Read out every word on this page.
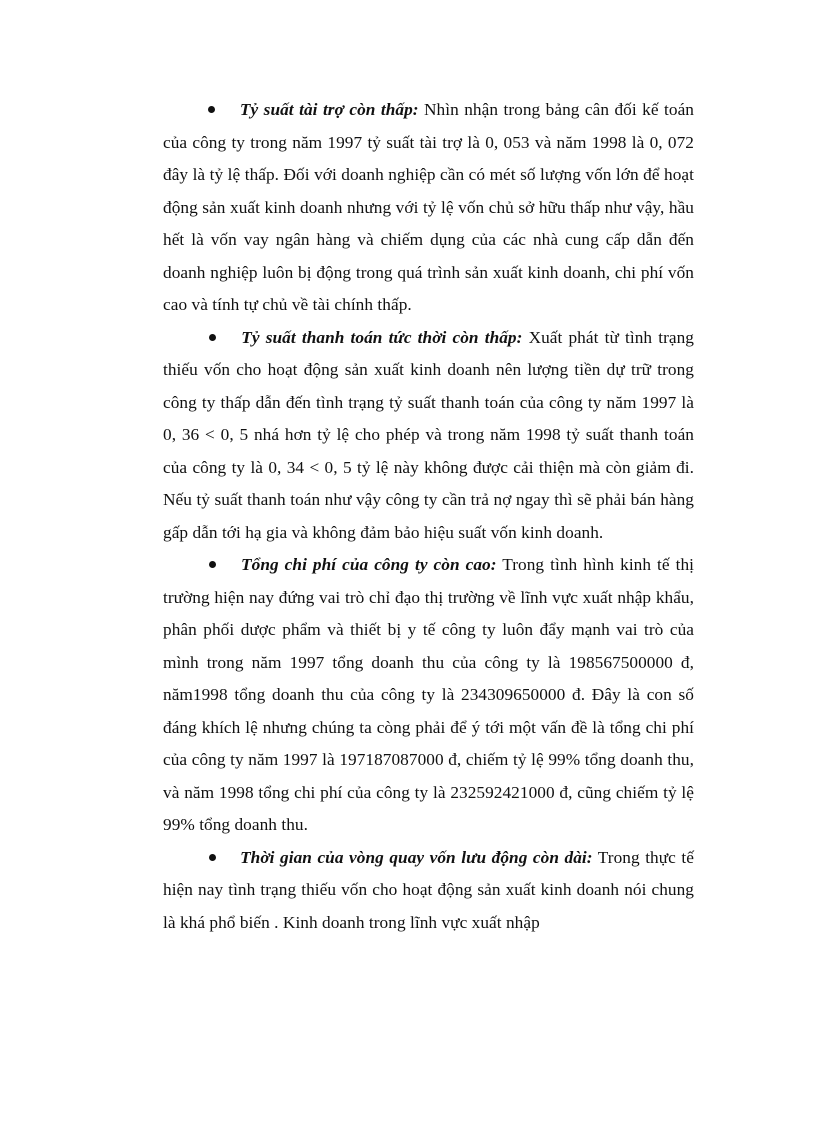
Tỷ suất tài trợ còn thấp: Nhìn nhận trong bảng cân đối kế toán của công ty trong năm 1997 tỷ suất tài trợ là 0, 053 và năm 1998 là 0, 072 đây là tỷ lệ thấp. Đối với doanh nghiệp cần có mét số lượng vốn lớn để hoạt động sản xuất kinh doanh nhưng với tỷ lệ vốn chủ sở hữu thấp như vậy, hầu hết là vốn vay ngân hàng và chiếm dụng của các nhà cung cấp dẫn đến doanh nghiệp luôn bị động trong quá trình sản xuất kinh doanh, chi phí vốn cao và tính tự chủ về tài chính thấp.

Tỷ suất thanh toán tức thời còn thấp: Xuất phát từ tình trạng thiếu vốn cho hoạt động sản xuất kinh doanh nên lượng tiền dự trữ trong công ty thấp dẫn đến tình trạng tỷ suất thanh toán của công ty năm 1997 là 0, 36 < 0, 5 nhá hơn tỷ lệ cho phép và trong năm 1998 tỷ suất thanh toán của công ty là 0, 34 < 0, 5 tỷ lệ này không được cải thiện mà còn giảm đi. Nếu tỷ suất thanh toán như vậy công ty cần trả nợ ngay thì sẽ phải bán hàng gấp dẫn tới hạ gia và không đảm bảo hiệu suất vốn kinh doanh.

Tổng chi phí của công ty còn cao: Trong tình hình kinh tế thị trường hiện nay đứng vai trò chỉ đạo thị trường về lĩnh vực xuất nhập khẩu, phân phối dược phẩm và thiết bị y tế công ty luôn đẩy mạnh vai trò của mình trong năm 1997 tổng doanh thu của công ty là 198567500000 đ, năm1998 tổng doanh thu của công ty là 234309650000 đ. Đây là con số đáng khích lệ nhưng chúng ta còng phải để ý tới một vấn đề là tổng chi phí của công ty năm 1997 là 197187087000 đ, chiếm tỷ lệ 99% tổng doanh thu, và năm 1998 tổng chi phí của công ty là 232592421000 đ, cũng chiếm tỷ lệ 99% tổng doanh thu.

Thời gian của vòng quay vốn lưu động còn dài: Trong thực tế hiện nay tình trạng thiếu vốn cho hoạt động sản xuất kinh doanh nói chung là khá phổ biến . Kinh doanh trong lĩnh vực xuất nhập
